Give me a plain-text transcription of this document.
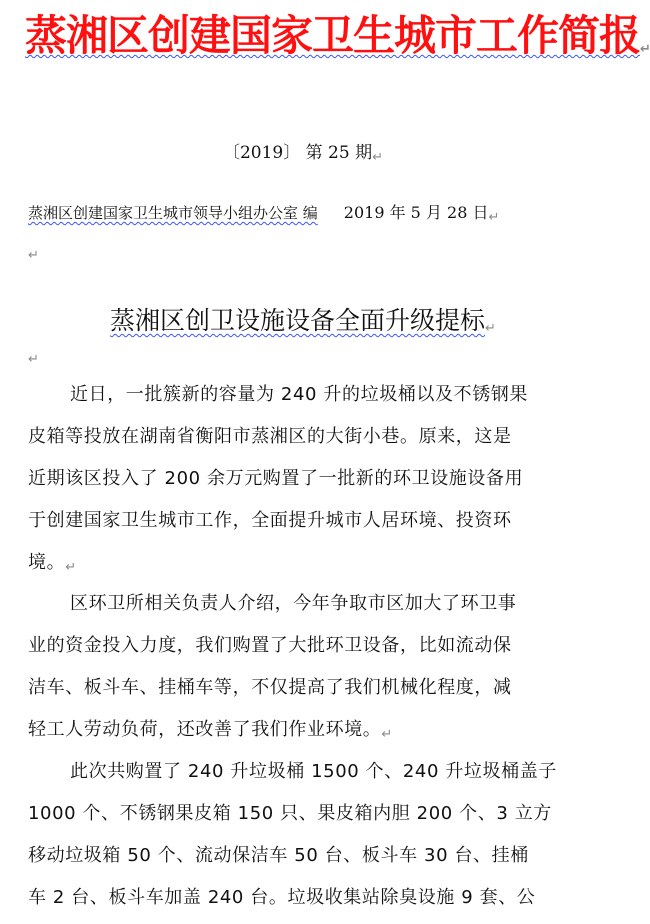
蒸湘区创建国家卫生城市工作简报↵
〔2019〕 第 25 期↵
蒸湘区创建国家卫生城市领导小组办公室 编 2019 年 5 月 28 日↵
↵
蒸湘区创卫设施设备全面升级提标↵
↵
近日，一批簇新的容量为 240 升的垃圾桶以及不锈钢果
皮箱等投放在湖南省衡阳市蒸湘区的大街小巷。原来，这是
近期该区投入了 200 余万元购置了一批新的环卫设施设备用
于创建国家卫生城市工作，全面提升城市人居环境、投资环
境。↵
区环卫所相关负责人介绍，今年争取市区加大了环卫事
业的资金投入力度，我们购置了大批环卫设备，比如流动保
洁车、板斗车、挂桶车等，不仅提高了我们机械化程度，减
轻工人劳动负荷，还改善了我们作业环境。↵
此次共购置了 240 升垃圾桶 1500 个、240 升垃圾桶盖子
1000 个、不锈钢果皮箱 150 只、果皮箱内胆 200 个、3 立方
移动垃圾箱 50 个、流动保洁车 50 台、板斗车 30 台、挂桶
车 2 台、板斗车加盖 240 台。垃圾收集站除臭设施 9 套、公
